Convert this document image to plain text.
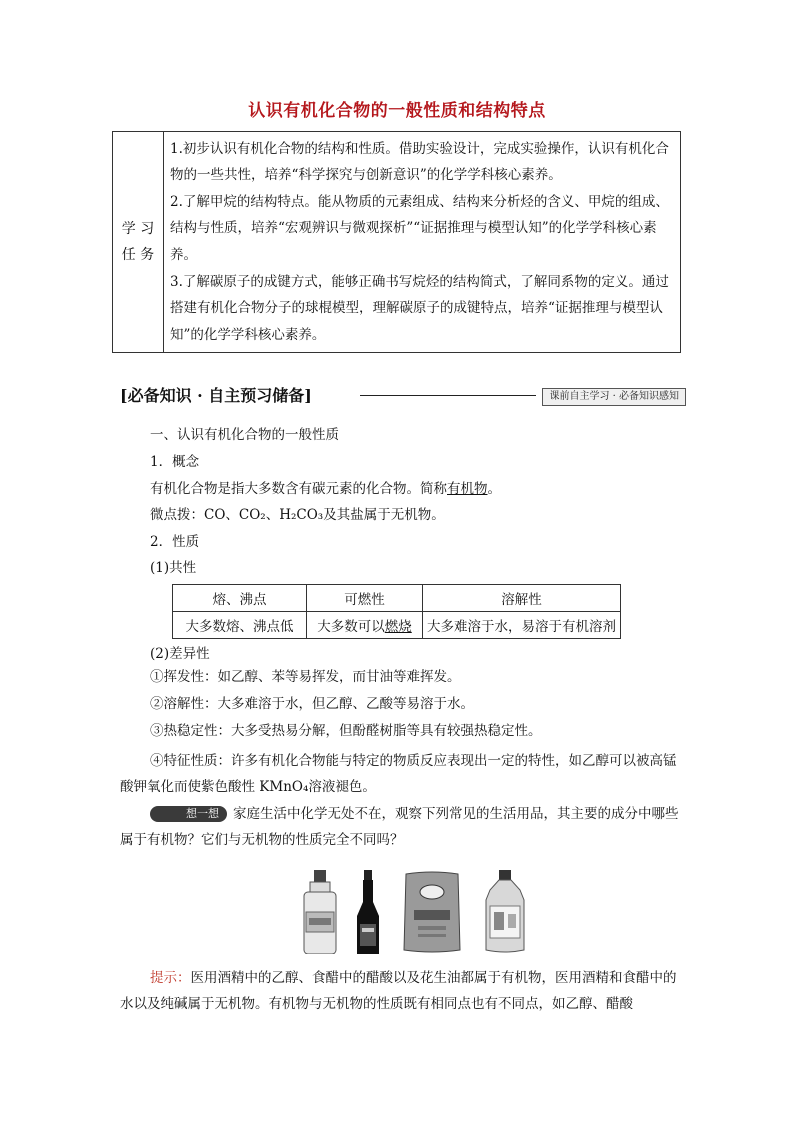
认识有机化合物的一般性质和结构特点
学 习
任 务

1.初步认识有机化合物的结构和性质。借助实验设计，完成实验操作，认识有机化合物的一些共性，培养“科学探究与创新意识”的化学学科核心素养。
2.了解甲烷的结构特点。能从物质的元素组成、结构来分析烃的含义、甲烷的组成、结构与性质，培养“宏观辨识与微观探析”“证据推理与模型认知”的化学学科核心素养。
3.了解碳原子的成键方式，能够正确书写烷烃的结构简式，了解同系物的定义。通过搭建有机化合物分子的球棍模型，理解碳原子的成键特点，培养“证据推理与模型认知”的化学学科核心素养。
[必备知识 · 自主预习储备]	课前自主学习 · 必备知识感知
一、认识有机化合物的一般性质
1．概念
有机化合物是指大多数含有碳元素的化合物。简称有机物。
微点拨：CO、CO₂、H₂CO₃及其盐属于无机物。
2．性质
(1)共性
熔、沸点	可燃性	溶解性
大多数熔、沸点低	大多数可以燃烧	大多难溶于水，易溶于有机溶剂
(2)差异性
①挥发性：如乙醇、苯等易挥发，而甘油等难挥发。
②溶解性：大多难溶于水，但乙醇、乙酸等易溶于水。
③热稳定性：大多受热易分解，但酚醛树脂等具有较强热稳定性。
④特征性质：许多有机化合物能与特定的物质反应表现出一定的特性，如乙醇可以被高锰酸钾氧化而使紫色酸性 KMnO₄溶液褪色。
想一想 家庭生活中化学无处不在，观察下列常见的生活用品，其主要的成分中哪些属于有机物？它们与无机物的性质完全不同吗？
提示：医用酒精中的乙醇、食醋中的醋酸以及花生油都属于有机物，医用酒精和食醋中的水以及纯碱属于无机物。有机物与无机物的性质既有相同点也有不同点，如乙醇、醋酸
